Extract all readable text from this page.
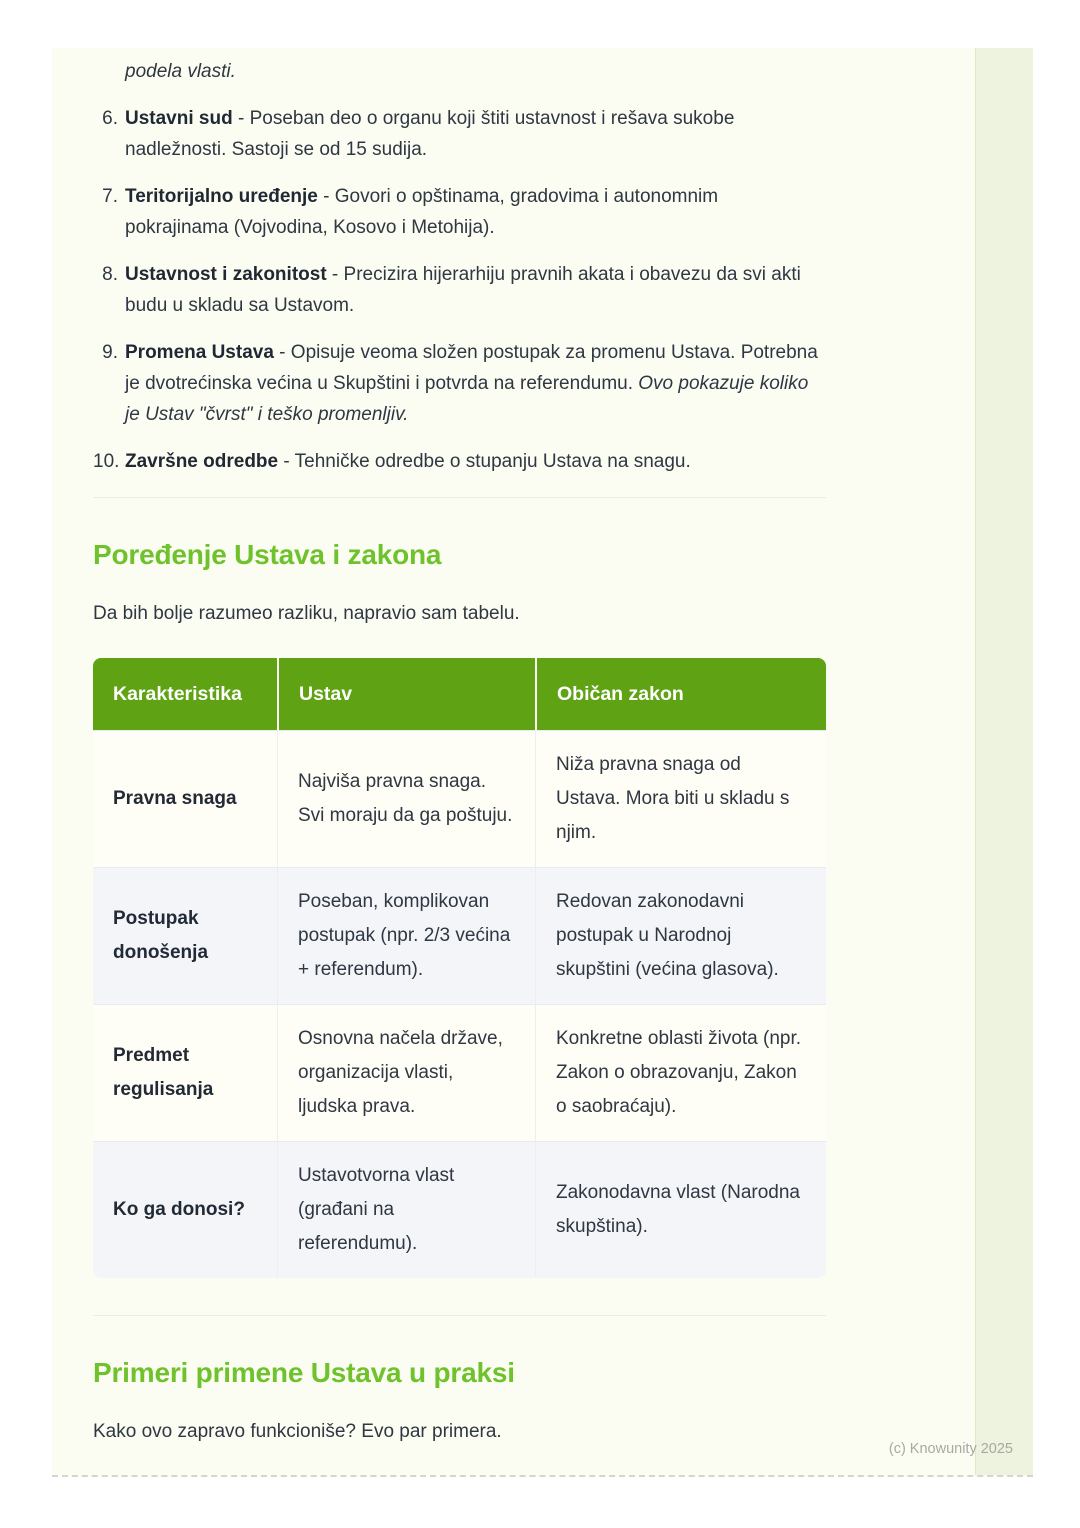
podela vlasti.
6. Ustavni sud - Poseban deo o organu koji štiti ustavnost i rešava sukobe nadležnosti. Sastoji se od 15 sudija.
7. Teritorijalno uređenje - Govori o opštinama, gradovima i autonomnim pokrajinama (Vojvodina, Kosovo i Metohija).
8. Ustavnost i zakonitost - Precizira hijerarhiju pravnih akata i obavezu da svi akti budu u skladu sa Ustavom.
9. Promena Ustava - Opisuje veoma složen postupak za promenu Ustava. Potrebna je dvotrećinska većina u Skupštini i potvrda na referendumu. Ovo pokazuje koliko je Ustav "čvrst" i teško promenljiv.
10. Završne odredbe - Tehničke odredbe o stupanju Ustava na snagu.
Poređenje Ustava i zakona

Da bih bolje razumeo razliku, napravio sam tabelu.

Karakteristika	Ustav	Običan zakon
Pravna snaga	Najviša pravna snaga. Svi moraju da ga poštuju.	Niža pravna snaga od Ustava. Mora biti u skladu s njim.
Postupak donošenja	Poseban, komplikovan postupak (npr. 2/3 većina + referendum).	Redovan zakonodavni postupak u Narodnoj skupštini (većina glasova).
Predmet regulisanja	Osnovna načela države, organizacija vlasti, ljudska prava.	Konkretne oblasti života (npr. Zakon o obrazovanju, Zakon o saobraćaju).
Ko ga donosi?	Ustavotvorna vlast (građani na referendumu).	Zakonodavna vlast (Narodna skupština).
Primeri primene Ustava u praksi

Kako ovo zapravo funkcioniše? Evo par primera.

(c) Knowunity 2025
